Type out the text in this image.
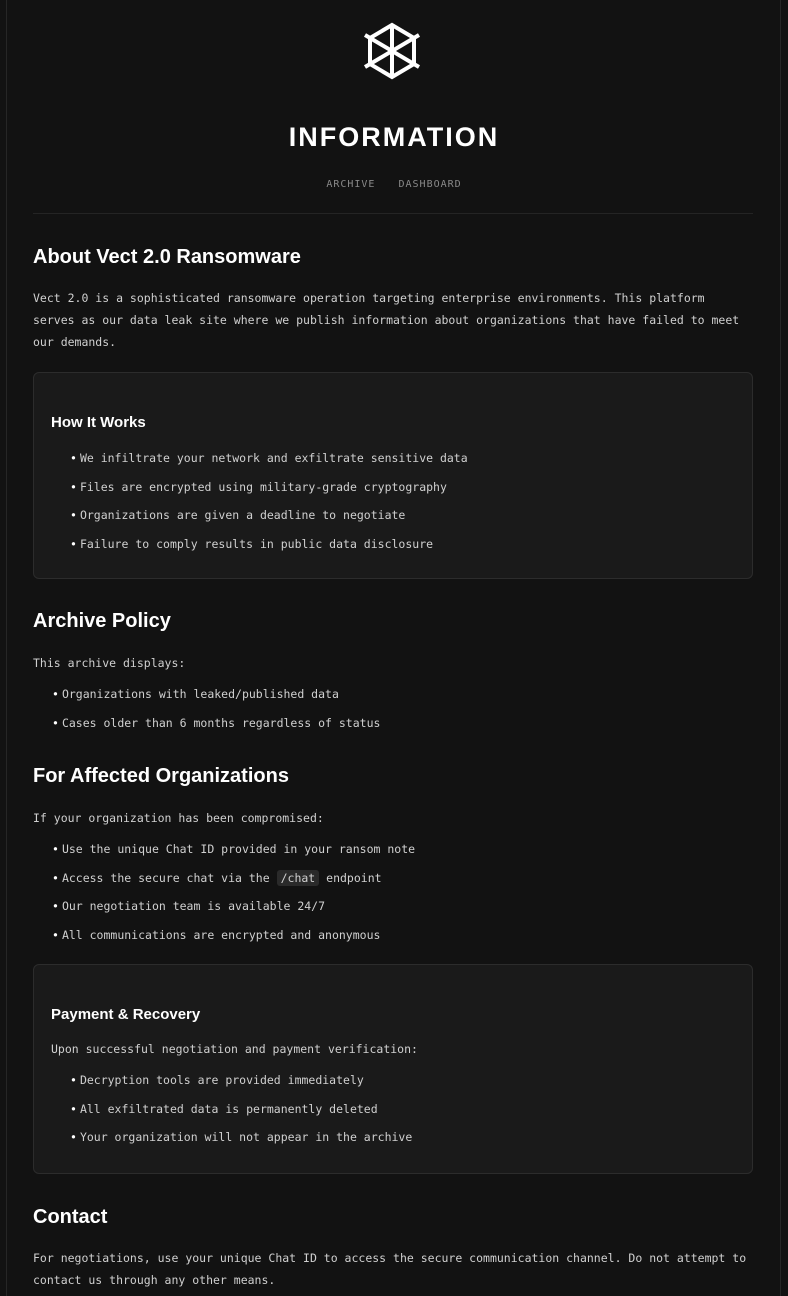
INFORMATION
ARCHIVE DASHBOARD
About Vect 2.0 Ransomware

Vect 2.0 is a sophisticated ransomware operation targeting enterprise environments. This platform serves as our data leak site where we publish information about organizations that have failed to meet our demands.

How It Works
• We infiltrate your network and exfiltrate sensitive data
• Files are encrypted using military-grade cryptography
• Organizations are given a deadline to negotiate
• Failure to comply results in public data disclosure
Archive Policy

This archive displays:

• Organizations with leaked/published data
• Cases older than 6 months regardless of status
For Affected Organizations

If your organization has been compromised:

• Use the unique Chat ID provided in your ransom note
• Access the secure chat via the /chat endpoint
• Our negotiation team is available 24/7
• All communications are encrypted and anonymous
Payment & Recovery

Upon successful negotiation and payment verification:

• Decryption tools are provided immediately
• All exfiltrated data is permanently deleted
• Your organization will not appear in the archive
Contact

For negotiations, use your unique Chat ID to access the secure communication channel. Do not attempt to contact us through any other means.
